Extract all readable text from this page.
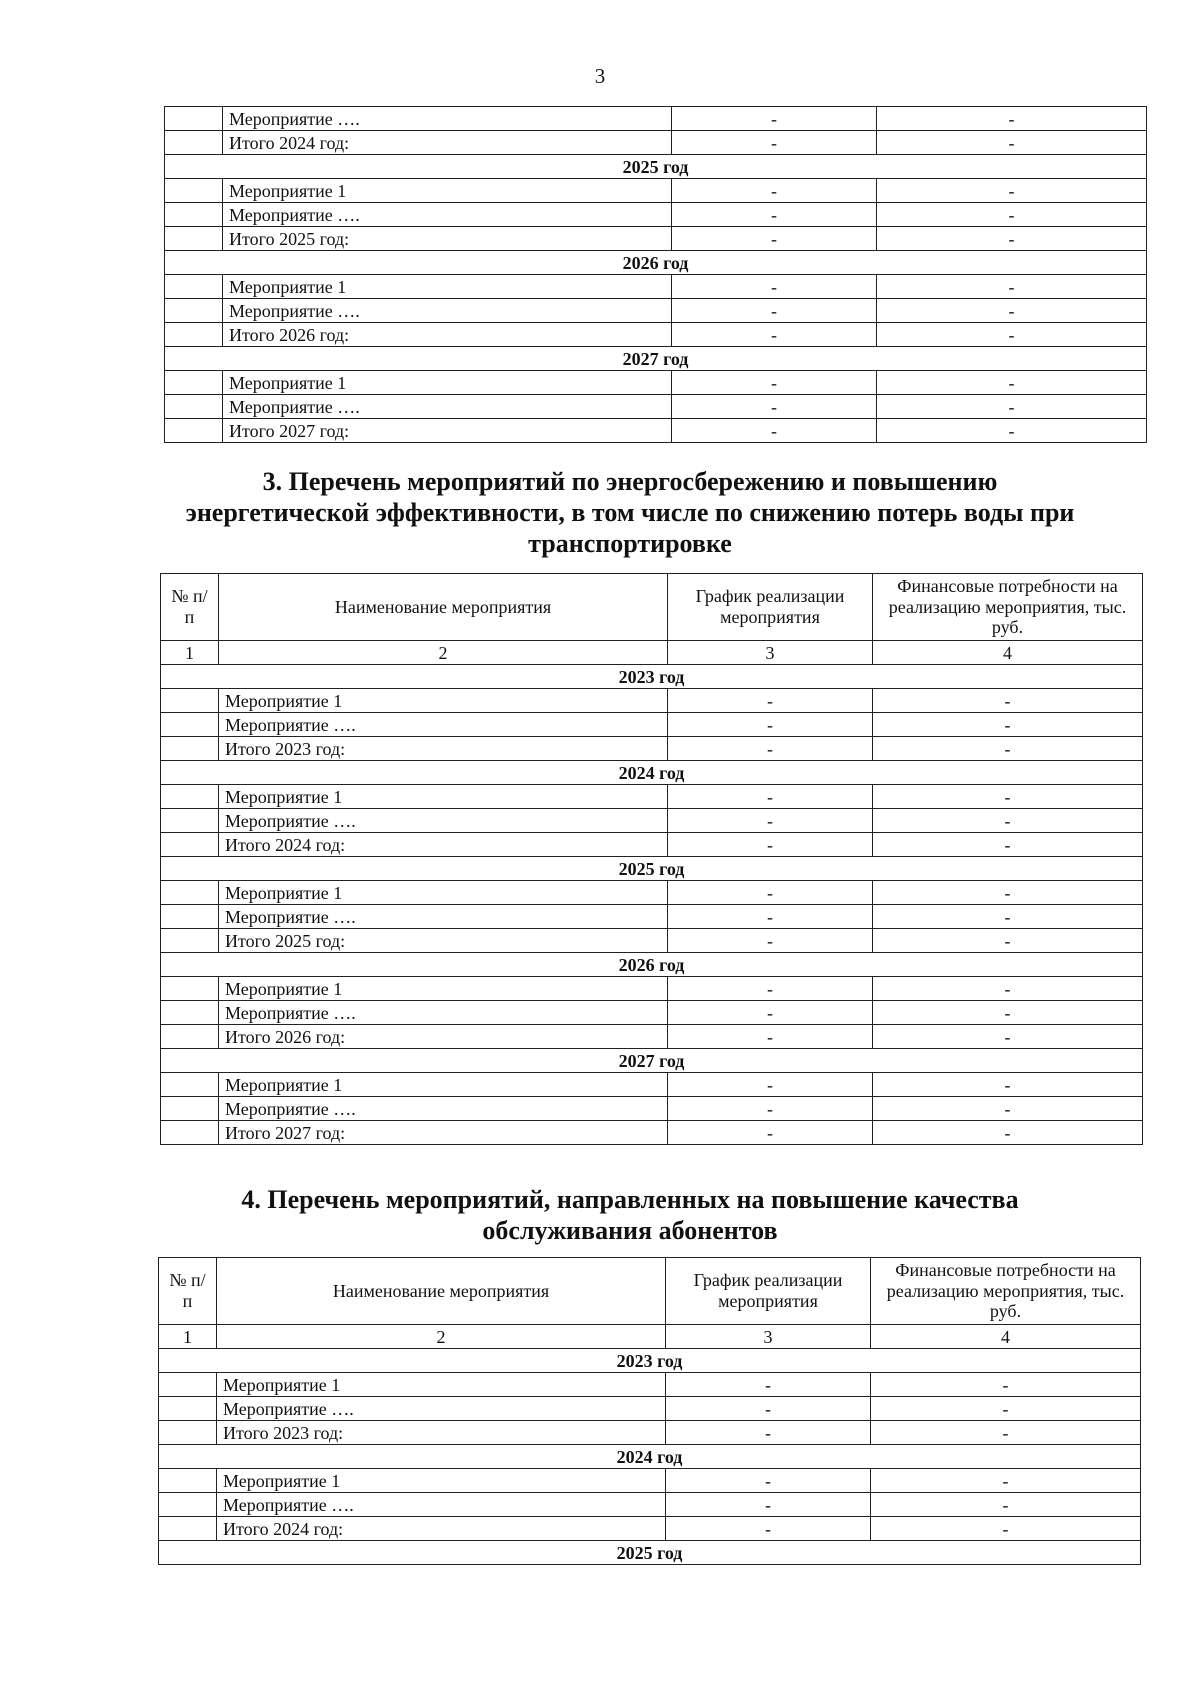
3
	Мероприятие ….	-	-
	Итого 2024 год:	-	-
2025 год			
	Мероприятие 1	-	-
	Мероприятие ….	-	-
	Итого 2025 год:	-	-
2026 год			
	Мероприятие 1	-	-
	Мероприятие ….	-	-
	Итого 2026 год:	-	-
2027 год			
	Мероприятие 1	-	-
	Мероприятие ….	-	-
	Итого 2027 год:	-	-
3. Перечень мероприятий по энергосбережению и повышению
энергетической эффективности, в том числе по снижению потерь воды при
транспортировке
№ п/п	Наименование мероприятия	График реализации мероприятия	Финансовые потребности на реализацию мероприятия, тыс. руб.
1	2	3	4
2023 год			
	Мероприятие 1	-	-
	Мероприятие ….	-	-
	Итого 2023 год:	-	-
2024 год			
	Мероприятие 1	-	-
	Мероприятие ….	-	-
	Итого 2024 год:	-	-
2025 год			
	Мероприятие 1	-	-
	Мероприятие ….	-	-
	Итого 2025 год:	-	-
2026 год			
	Мероприятие 1	-	-
	Мероприятие ….	-	-
	Итого 2026 год:	-	-
2027 год			
	Мероприятие 1	-	-
	Мероприятие ….	-	-
	Итого 2027 год:	-	-
4. Перечень мероприятий, направленных на повышение качества
обслуживания абонентов
№ п/п	Наименование мероприятия	График реализации мероприятия	Финансовые потребности на реализацию мероприятия, тыс. руб.
1	2	3	4
2023 год			
	Мероприятие 1	-	-
	Мероприятие ….	-	-
	Итого 2023 год:	-	-
2024 год			
	Мероприятие 1	-	-
	Мероприятие ….	-	-
	Итого 2024 год:	-	-
2025 год			
